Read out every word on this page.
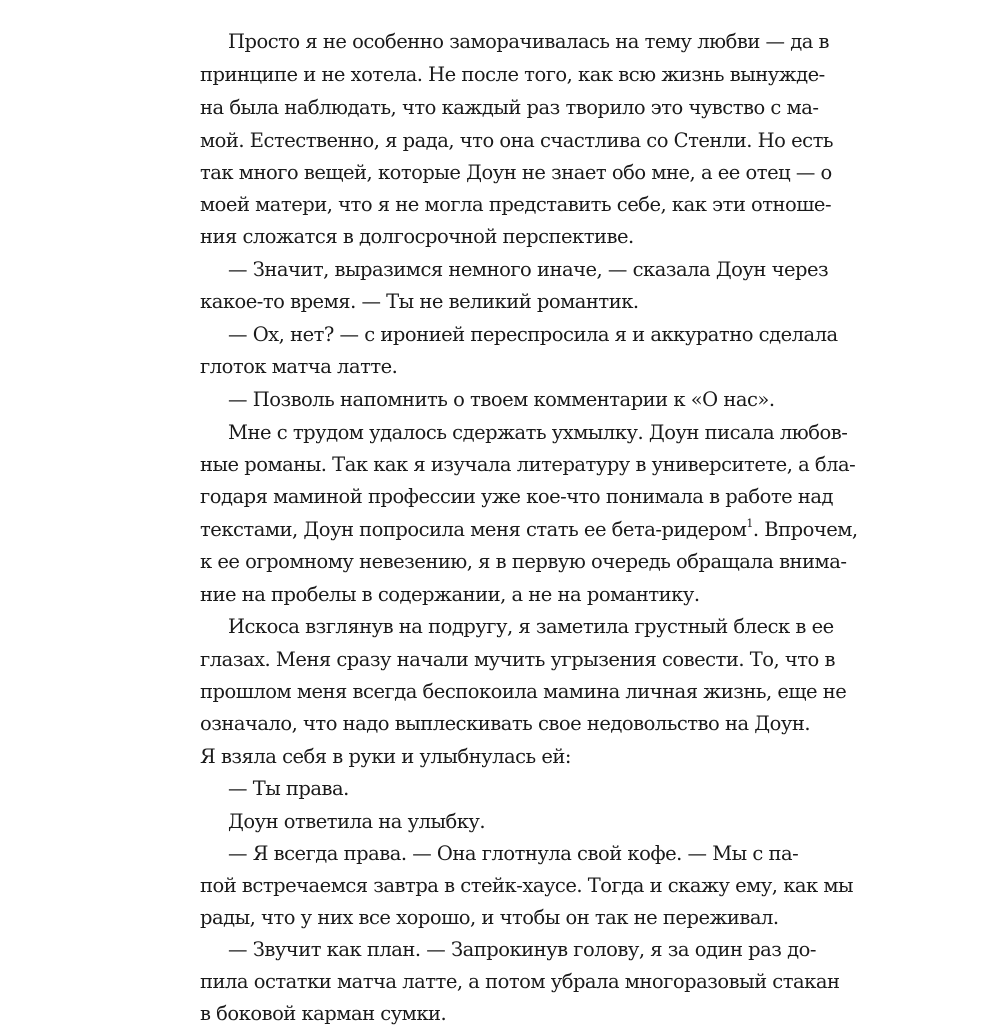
Просто я не особенно заморачивалась на тему любви — да в
принципе и не хотела. Не после того, как всю жизнь вынужде-
на была наблюдать, что каждый раз творило это чувство с ма-
мой. Естественно, я рада, что она счастлива со Стенли. Но есть
так много вещей, которые Доун не знает обо мне, а ее отец — о
моей матери, что я не могла представить себе, как эти отноше-
ния сложатся в долгосрочной перспективе.
— Значит, выразимся немного иначе, — сказала Доун через
какое-то время. — Ты не великий романтик.
— Ох, нет? — с иронией переспросила я и аккуратно сделала
глоток матча латте.
— Позволь напомнить о твоем комментарии к «О нас».
Мне с трудом удалось сдержать ухмылку. Доун писала любов-
ные романы. Так как я изучала литературу в университете, а бла-
годаря маминой профессии уже кое-что понимала в работе над
текстами, Доун попросила меня стать ее бета-ридером$^1$. Впрочем,
к ее огромному невезению, я в первую очередь обращала внима-
ние на пробелы в содержании, а не на романтику.
Искоса взглянув на подругу, я заметила грустный блеск в ее
глазах. Меня сразу начали мучить угрызения совести. То, что в
прошлом меня всегда беспокоила мамина личная жизнь, еще не
означало, что надо выплескивать свое недовольство на Доун.
Я взяла себя в руки и улыбнулась ей:
— Ты права.
Доун ответила на улыбку.
— Я всегда права. — Она глотнула свой кофе. — Мы с па-
пой встречаемся завтра в стейк-хаусе. Тогда и скажу ему, как мы
рады, что у них все хорошо, и чтобы он так не переживал.
— Звучит как план. — Запрокинув голову, я за один раз до-
пила остатки матча латте, а потом убрала многоразовый стакан
в боковой карман сумки.
